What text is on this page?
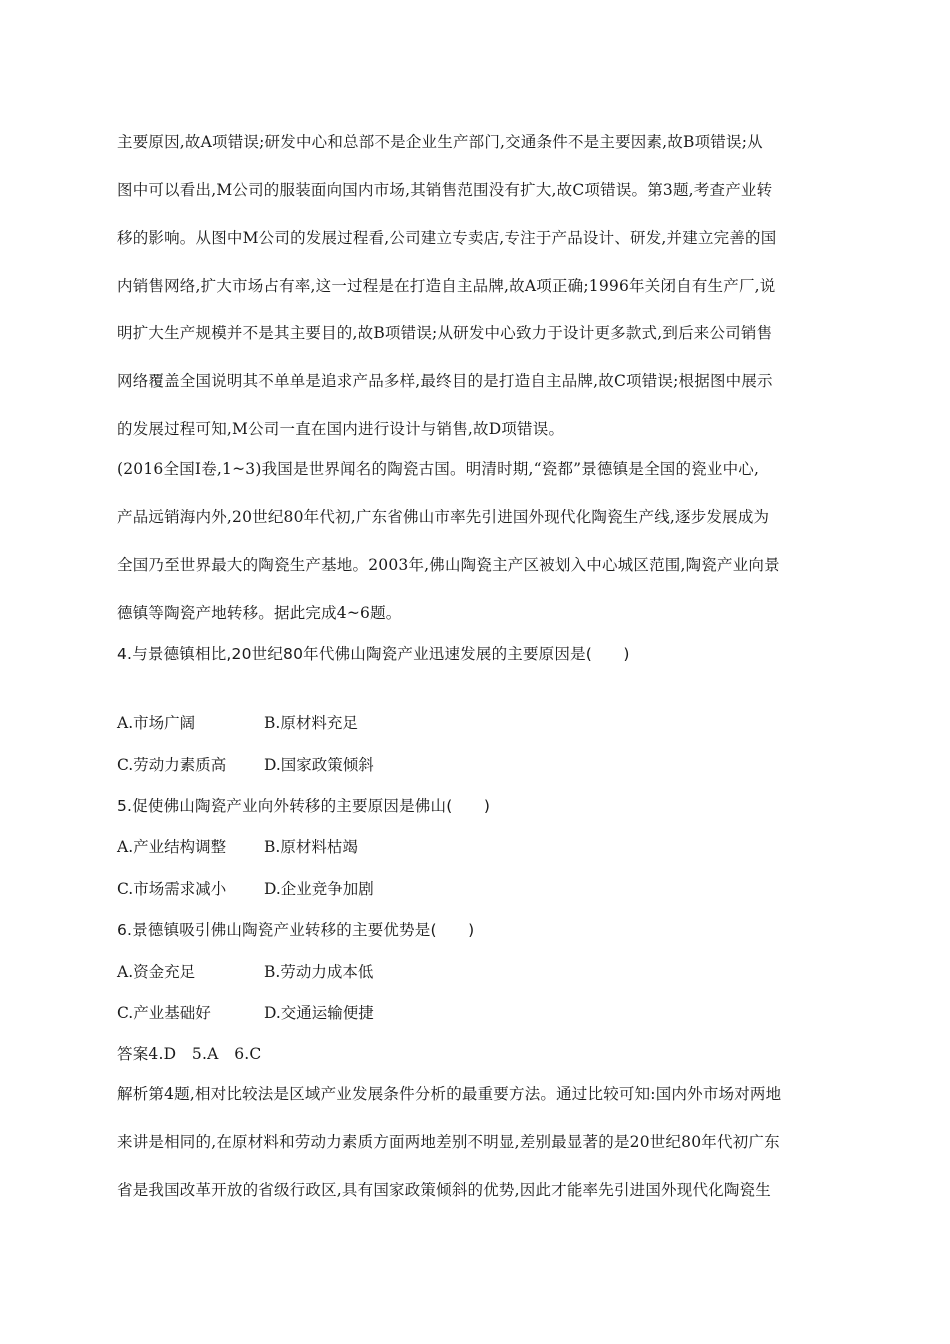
主要原因,故A项错误;研发中心和总部不是企业生产部门,交通条件不是主要因素,故B项错误;从
图中可以看出,M公司的服装面向国内市场,其销售范围没有扩大,故C项错误。第3题,考查产业转
移的影响。从图中M公司的发展过程看,公司建立专卖店,专注于产品设计、研发,并建立完善的国
内销售网络,扩大市场占有率,这一过程是在打造自主品牌,故A项正确;1996年关闭自有生产厂,说
明扩大生产规模并不是其主要目的,故B项错误;从研发中心致力于设计更多款式,到后来公司销售
网络覆盖全国说明其不单单是追求产品多样,最终目的是打造自主品牌,故C项错误;根据图中展示
的发展过程可知,M公司一直在国内进行设计与销售,故D项错误。
(2016全国Ⅰ卷,1~3)我国是世界闻名的陶瓷古国。明清时期,“瓷都”景德镇是全国的瓷业中心,
产品远销海内外,20世纪80年代初,广东省佛山市率先引进国外现代化陶瓷生产线,逐步发展成为
全国乃至世界最大的陶瓷生产基地。2003年,佛山陶瓷主产区被划入中心城区范围,陶瓷产业向景
德镇等陶瓷产地转移。据此完成4~6题。
4.与景德镇相比,20世纪80年代佛山陶瓷产业迅速发展的主要原因是(　　)
A.市场广阔	B.原材料充足
C.劳动力素质高 D.国家政策倾斜
5.促使佛山陶瓷产业向外转移的主要原因是佛山(　　)
A.产业结构调整 B.原材料枯竭
C.市场需求减小 D.企业竞争加剧
6.景德镇吸引佛山陶瓷产业转移的主要优势是(　　)
A.资金充足	B.劳动力成本低
C.产业基础好	D.交通运输便捷
答案4.D　5.A　6.C
解析第4题,相对比较法是区域产业发展条件分析的最重要方法。通过比较可知:国内外市场对两地
来讲是相同的,在原材料和劳动力素质方面两地差别不明显,差别最显著的是20世纪80年代初广东
省是我国改革开放的省级行政区,具有国家政策倾斜的优势,因此才能率先引进国外现代化陶瓷生
